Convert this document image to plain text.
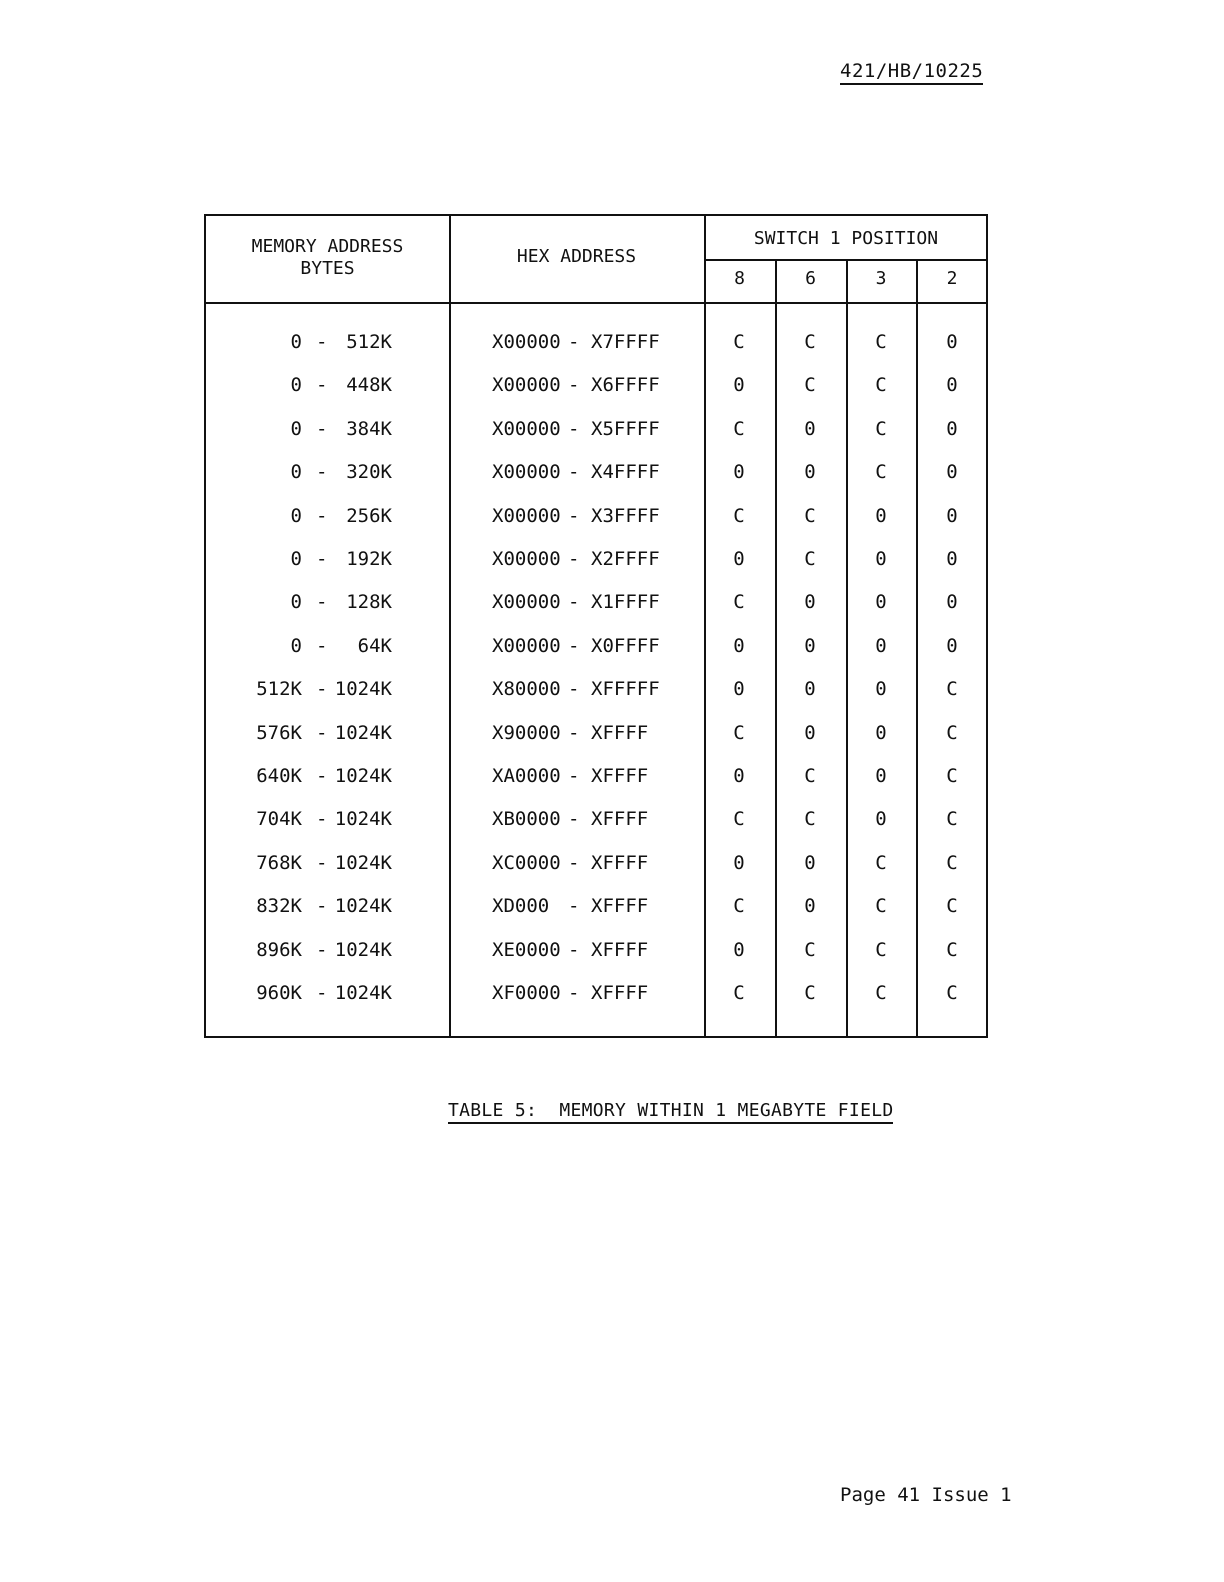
421/HB/10225
MEMORY ADDRESS
BYTES
HEX ADDRESS
SWITCH 1 POSITION
8	6	3	2
0 - 512K	X00000 - X7FFFF	C	C	C	0
0 - 448K	X00000 - X6FFFF	0	C	C	0
0 - 384K	X00000 - X5FFFF	C	0	C	0
0 - 320K	X00000 - X4FFFF	0	0	C	0
0 - 256K	X00000 - X3FFFF	C	C	0	0
0 - 192K	X00000 - X2FFFF	0	C	0	0
0 - 128K	X00000 - X1FFFF	C	0	0	0
0 - 64K	X00000 - X0FFFF	0	0	0	0
512K - 1024K	X80000 - XFFFFF	0	0	0	C
576K - 1024K	X90000 - XFFFF	C	0	0	C
640K - 1024K	XA0000 - XFFFF	0	C	0	C
704K - 1024K	XB0000 - XFFFF	C	C	0	C
768K - 1024K	XC0000 - XFFFF	0	0	C	C
832K - 1024K	XD000 - XFFFF	C	0	C	C
896K - 1024K	XE0000 - XFFFF	0	C	C	C
960K - 1024K	XF0000 - XFFFF	C	C	C	C
TABLE 5:  MEMORY WITHIN 1 MEGABYTE FIELD
Page 41 Issue 1
